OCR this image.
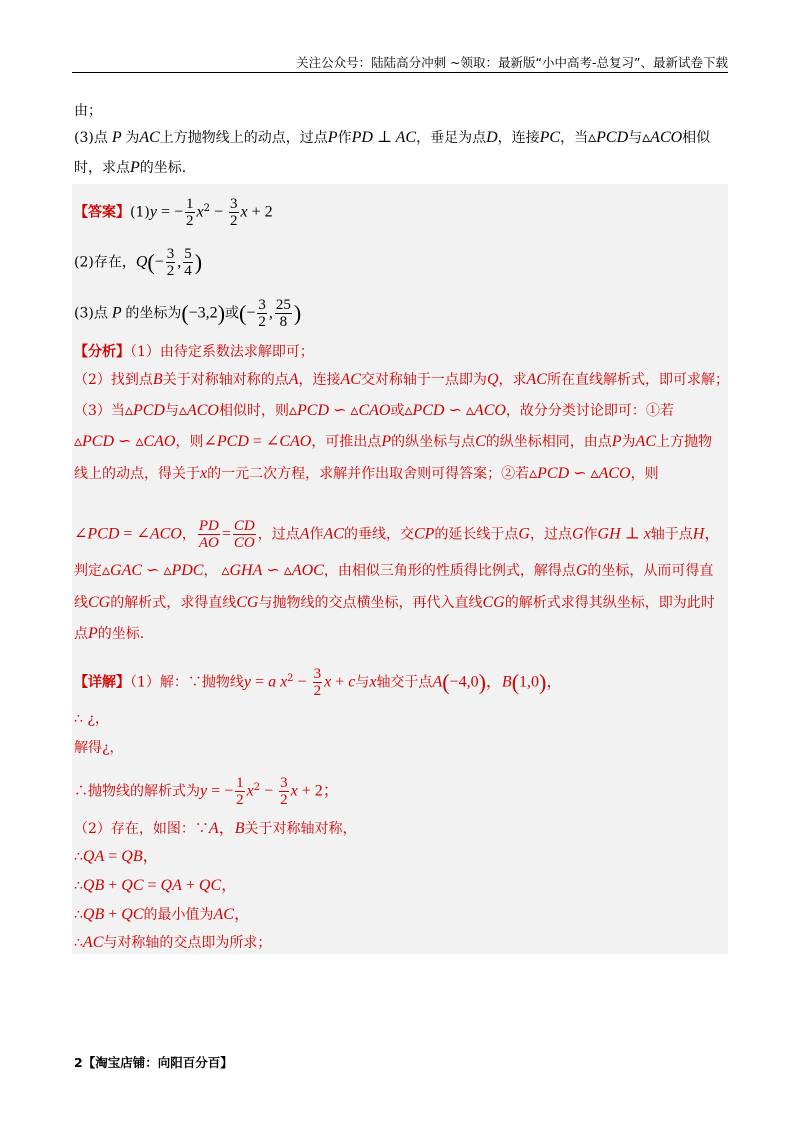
关注公众号：陆陆高分冲刺 ~领取：最新版“小中高考-总复习”、最新试卷下载
由；
(3)点 P 为AC上方抛物线上的动点，过点P作PD ⊥ AC，垂足为点D，连接PC，当▵PCD与▵ACO相似
时，求点P的坐标.
【答案】(1)y = − $\frac{1}{2} x^2 - \frac{3}{2}$ x + 2
(2)存在，$Q(- \frac{3}{2}$ , $\frac{5}{4}$ )
(3)点 P 的坐标为(−3,2)或(− $\frac{3}{2}$ , $\frac{25}{8}$ )
【分析】（1）由待定系数法求解即可；
（2）找到点B关于对称轴对称的点A，连接AC交对称轴于一点即为Q，求AC所在直线解析式，即可求解；
（3）当▵PCD与▵ACO相似时，则▵PCD ∽ ▵CAO或▵PCD ∽ ▵ACO，故分分类讨论即可：①若
▵PCD ∽ ▵CAO，则∠PCD = ∠CAO，可推出点P的纵坐标与点C的纵坐标相同，由点P为AC上方抛物
线上的动点，得关于x的一元二次方程，求解并作出取舍则可得答案；②若▵PCD ∽ ▵ACO，则
∠PCD = ∠ACO， $\frac{PD}{AO} = \frac{CD}{CO}$ ，过点A作AC的垂线，交CP的延长线于点G，过点G作GH ⊥ x轴于点H，
判定▵GAC ∽ ▵PDC， ▵GHA ∽ ▵AOC，由相似三角形的性质得比例式，解得点G的坐标，从而可得直
线CG的解析式，求得直线CG与抛物线的交点横坐标，再代入直线CG的解析式求得其纵坐标，即为此时
点P的坐标.
【详解】（1）解：∵抛物线y = a $x^2 - \frac{3}{2}$ x + c与x轴交于点A(−4,0)，B(1,0)，
∴ ¿，
解得¿，
∴抛物线的解析式为y = − $\frac{1}{2} x^2 - \frac{3}{2}$ x + 2；
（2）存在，如图：∵A，B关于对称轴对称，
∴QA = QB，
∴QB + QC = QA + QC，
∴QB + QC的最小值为AC，
∴AC与对称轴的交点即为所求；
2【淘宝店铺：向阳百分百】
